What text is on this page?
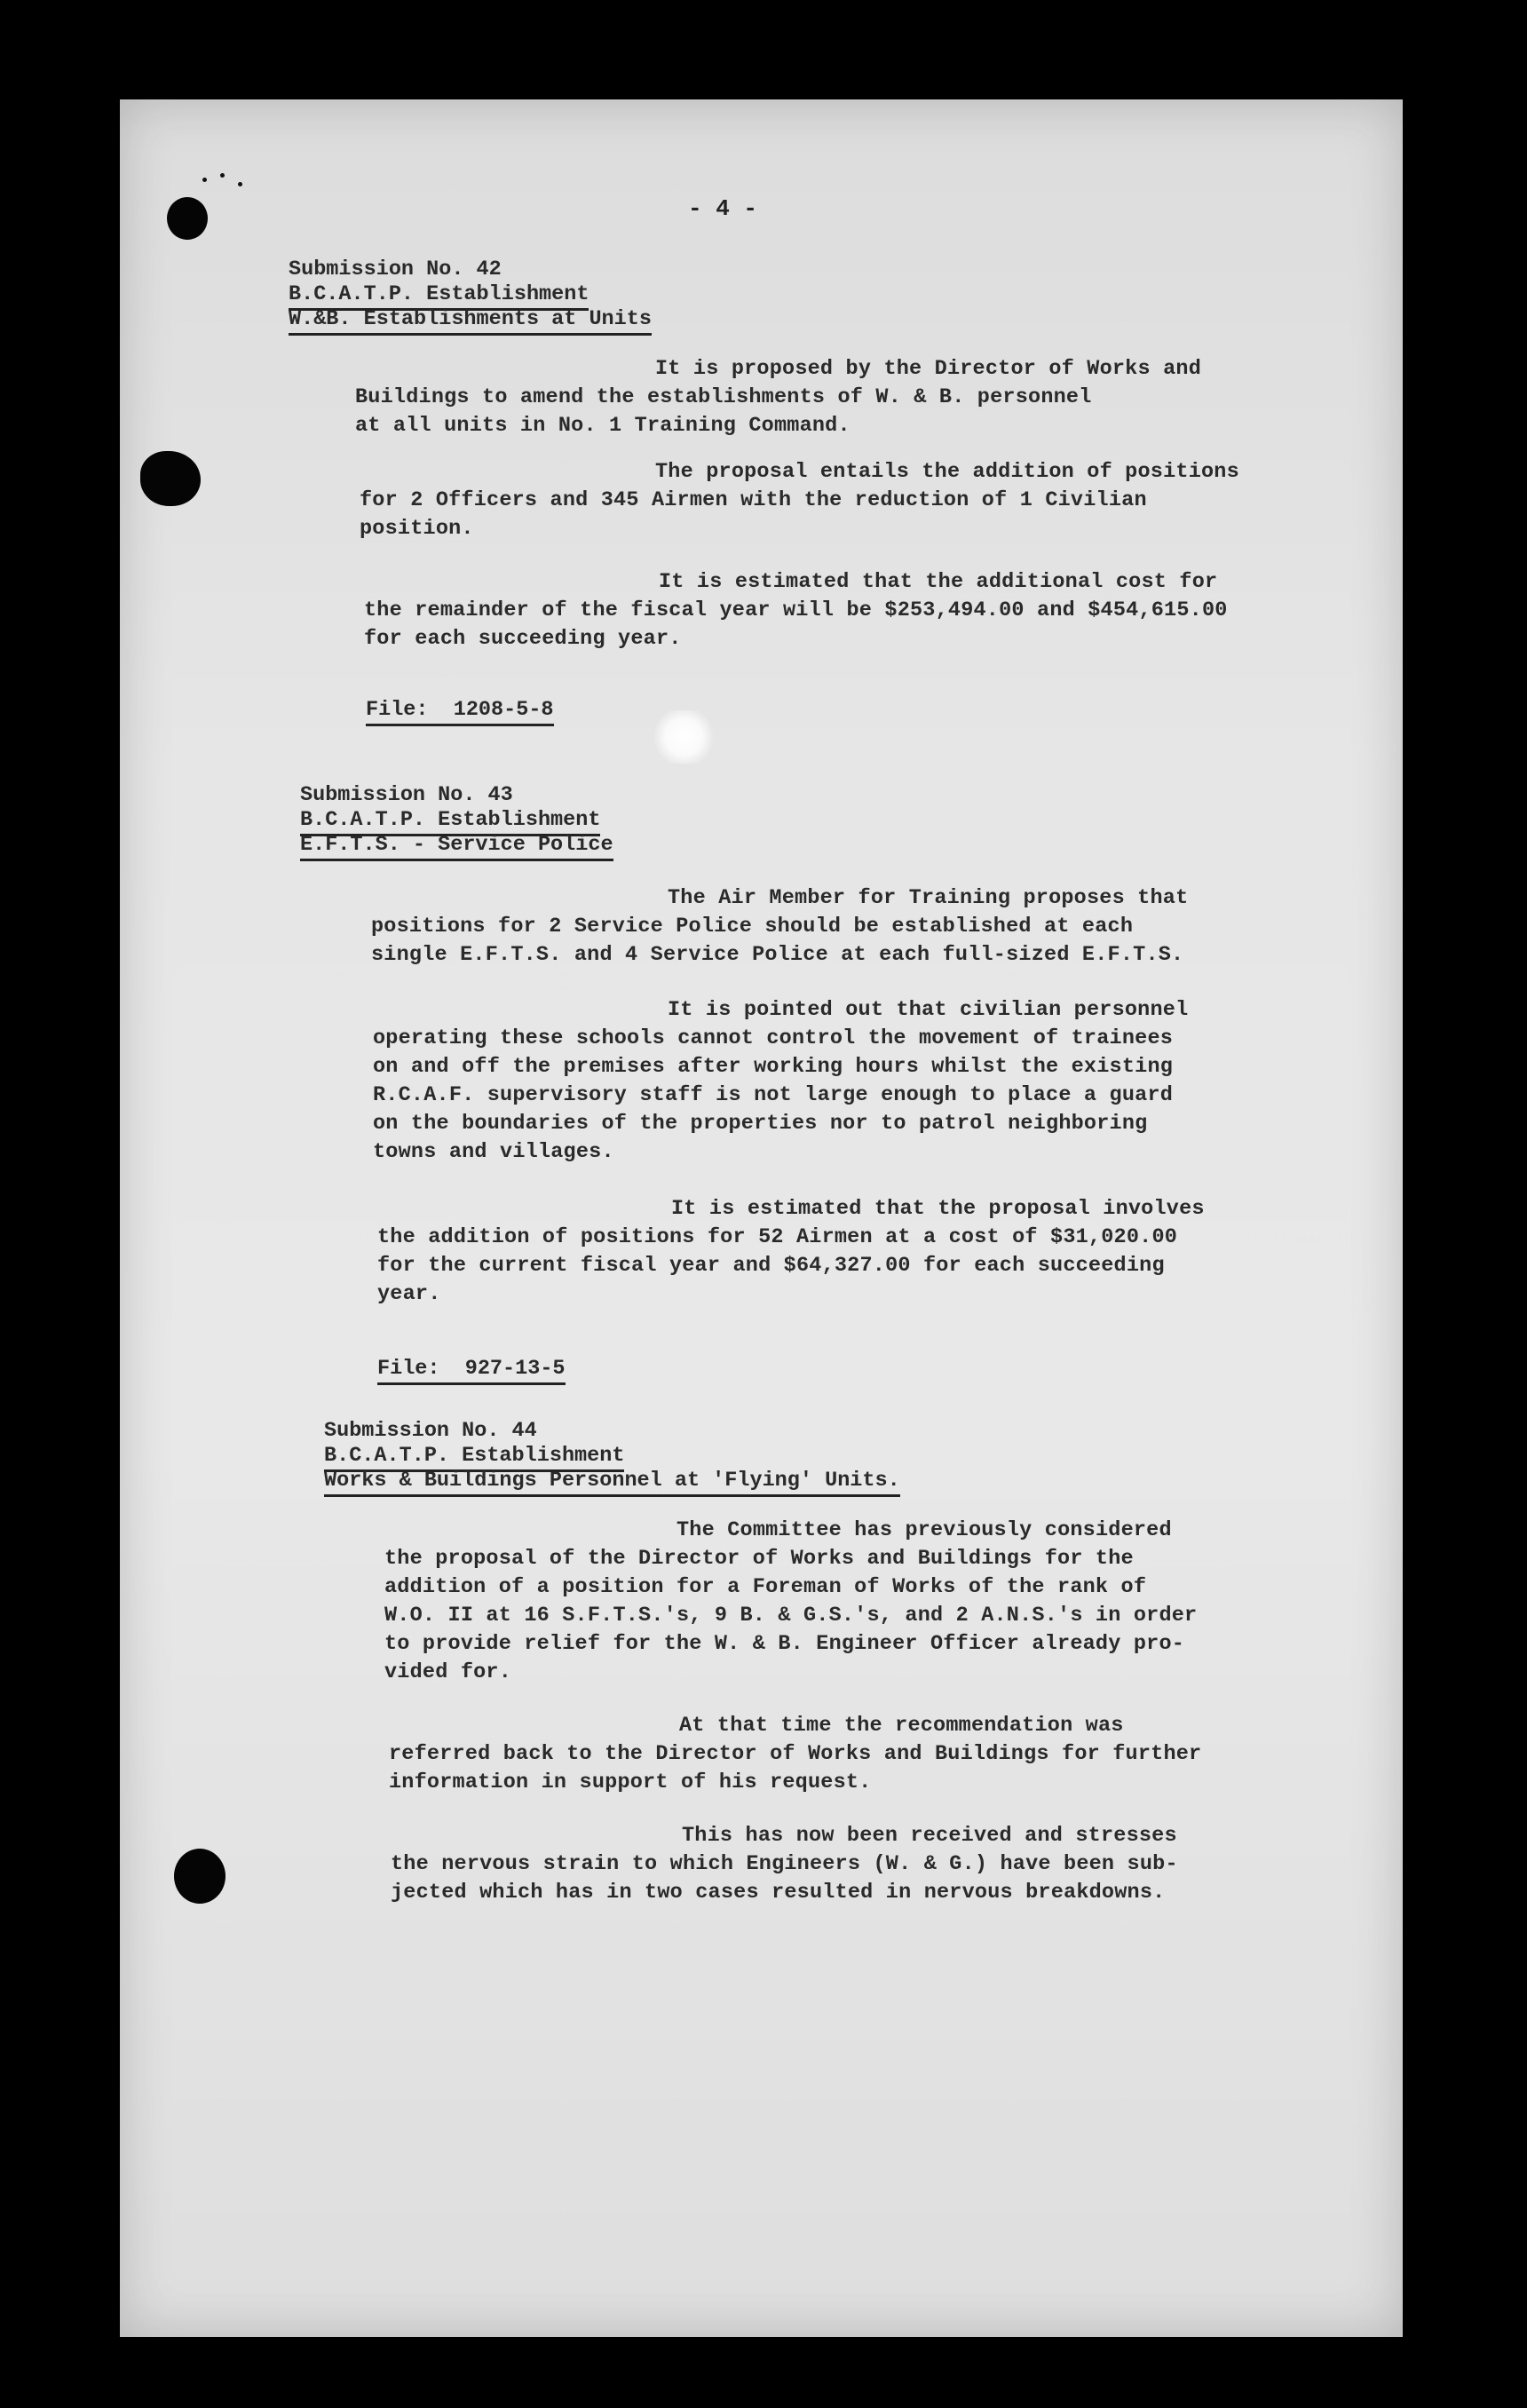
- 4 -
Submission No. 42
B.C.A.T.P. Establishment
W.&B. Establishments at Units
It is proposed by the Director of Works and
Buildings to amend the establishments of W. & B. personnel
at all units in No. 1 Training Command.
The proposal entails the addition of positions
for 2 Officers and 345 Airmen with the reduction of 1 Civilian
position.
It is estimated that the additional cost for
the remainder of the fiscal year will be $253,494.00 and $454,615.00
for each succeeding year.
File:  1208-5-8
Submission No. 43
B.C.A.T.P. Establishment
E.F.T.S. - Service Police
The Air Member for Training proposes that
positions for 2 Service Police should be established at each
single E.F.T.S. and 4 Service Police at each full-sized E.F.T.S.
It is pointed out that civilian personnel
operating these schools cannot control the movement of trainees
on and off the premises after working hours whilst the existing
R.C.A.F. supervisory staff is not large enough to place a guard
on the boundaries of the properties nor to patrol neighboring
towns and villages.
It is estimated that the proposal involves
the addition of positions for 52 Airmen at a cost of $31,020.00
for the current fiscal year and $64,327.00 for each succeeding
year.
File:  927-13-5
Submission No. 44
B.C.A.T.P. Establishment
Works & Buildings Personnel at 'Flying' Units.
The Committee has previously considered
the proposal of the Director of Works and Buildings for the
addition of a position for a Foreman of Works of the rank of
W.O. II at 16 S.F.T.S.'s, 9 B. & G.S.'s, and 2 A.N.S.'s in order
to provide relief for the W. & B. Engineer Officer already pro-
vided for.
At that time the recommendation was
referred back to the Director of Works and Buildings for further
information in support of his request.
This has now been received and stresses
the nervous strain to which Engineers (W. & G.) have been sub-
jected which has in two cases resulted in nervous breakdowns.
